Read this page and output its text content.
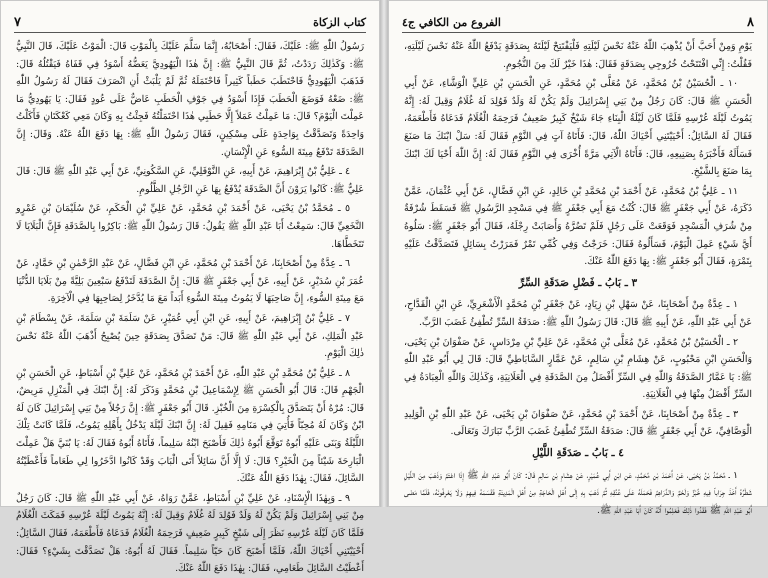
كتاب الزكاة
٧

رَسُولُ اللّٰهِ ﷺ: عَلَيْكَ، فَقَالَ: أَصْحَابُهُ، إِنَّمَا سَلَّمَ عَلَيْكَ بِالْمَوْتِ قَالَ: الْمَوْتُ عَلَيْكَ، قَالَ النَّبِيُّ ﷺ: وَكَذٰلِكَ رَدَدْتُ، ثُمَّ قَالَ النَّبِيُّ ﷺ: إِنَّ هٰذَا الْيَهُودِيَّ يَعَضُّهُ أَسْوَدُ فِي قَفَاهُ فَيَقْتُلُهُ قَالَ: فَذَهَبَ الْيَهُودِيُّ فَاحْتَطَبَ حَطَباً كَثِيراً فَاحْتَمَلَهُ ثُمَّ لَمْ يَلْبَثْ أَنِ انْصَرَفَ فَقَالَ لَهُ رَسُولُ اللّٰهِ ﷺ: ضَعْهُ فَوَضَعَ الْحَطَبَ فَإِذَا أَسْوَدُ فِي جَوْفِ الْحَطَبِ عَاضٌّ عَلَى عُودٍ فَقَالَ: يَا يَهُودِيُّ مَا عَمِلْتَ الْيَوْمَ؟ قَالَ: مَا عَمِلْتُ عَمَلاً إِلَّا حَطَبِي هٰذَا احْتَمَلْتُهُ فَجِئْتُ بِهِ وَكَانَ مَعِي كَعْكَتَانِ فَأَكَلْتُ وَاحِدَةً وَتَصَدَّقْتُ بِوَاحِدَةٍ عَلَى مِسْكِينٍ، فَقَالَ رَسُولُ اللّٰهِ ﷺ: بِهَا دَفَعَ اللّٰهُ عَنْهُ. وَقَالَ: إِنَّ الصَّدَقَةَ تَدْفَعُ مِيتَةَ السُّوءِ عَنِ الْإِنْسَانِ.

٤ ـ عَلِيُّ بْنُ إِبْرَاهِيمَ، عَنْ أَبِيهِ، عَنِ النَّوْفَلِيِّ، عَنِ السَّكُونِيِّ، عَنْ أَبِي عَبْدِ اللّٰهِ ﷺ قَالَ: قَالَ عَلِيٌّ ﷺ: كَانُوا يَرَوْنَ أَنَّ الصَّدَقَةَ يُدْفَعُ بِهَا عَنِ الرَّجُلِ الظَّلُومِ.

٥ ـ مُحَمَّدُ بْنُ يَحْيَى، عَنْ أَحْمَدَ بْنِ مُحَمَّدٍ، عَنْ عَلِيِّ بْنِ الْحَكَمِ، عَنْ سُلَيْمَانَ بْنِ عَمْرٍو النَّخَعِيِّ قَالَ: سَمِعْتُ أَبَا عَبْدِ اللّٰهِ ﷺ يَقُولُ: قَالَ رَسُولُ اللّٰهِ ﷺ: بَاكِرُوا بِالصَّدَقَةِ فَإِنَّ الْبَلَايَا لَا تَتَخَطَّاهَا.

٦ ـ عِدَّةٌ مِنْ أَصْحَابِنَا، عَنْ أَحْمَدَ بْنِ مُحَمَّدٍ، عَنِ ابْنِ فَضَّالٍ، عَنْ عَبْدِ الرَّحْمٰنِ بْنِ حَمَّادٍ، عَنْ عُمَرَ بْنِ سُدَيْرٍ، عَنْ أَبِيهِ، عَنْ أَبِي جَعْفَرٍ ﷺ قَالَ: إِنَّ الصَّدَقَةَ لَتَدْفَعُ سَبْعِينَ بَلِيَّةً مِنْ بَلَايَا الدُّنْيَا مَعَ مِيتَةِ السُّوءِ، إِنَّ صَاحِبَهَا لَا يَمُوتُ مِيتَةَ السُّوءِ أَبَداً مَعَ مَا يُدَّخَرُ لِصَاحِبِهَا فِي الْآخِرَةِ.

٧ ـ عَلِيُّ بْنُ إِبْرَاهِيمَ، عَنْ أَبِيهِ، عَنِ ابْنِ أَبِي عُمَيْرٍ، عَنْ سَلَمَةَ بْنِ سَلَمَةَ، عَنْ بِسْطَامَ بْنِ عَبْدِ الْمَلِكِ، عَنْ أَبِي عَبْدِ اللّٰهِ ﷺ قَالَ: مَنْ تَصَدَّقَ بِصَدَقَةٍ حِينَ يُصْبِحُ أَذْهَبَ اللّٰهُ عَنْهُ نَحْسَ ذٰلِكَ الْيَوْمِ.

٨ ـ عَلِيُّ بْنُ مُحَمَّدِ بْنِ عَبْدِ اللّٰهِ، عَنْ أَحْمَدَ بْنِ مُحَمَّدٍ، عَنْ عَلِيِّ بْنِ أَسْبَاطٍ، عَنِ الْحَسَنِ بْنِ الْجَهْمِ قَالَ: قَالَ أَبُو الْحَسَنِ ﷺ لِإِسْمَاعِيلَ بْنِ مُحَمَّدٍ وَذَكَرَ لَهُ: إِنَّ ابْنَكَ فِي الْمَنْزِلِ مَرِيضٌ، قَالَ: مُرْهُ أَنْ يَتَصَدَّقَ بِالْكِسْرَةِ مِنَ الْخُبْزِ. قَالَ أَبُو جَعْفَرٍ ﷺ: إِنَّ رَجُلاً مِنْ بَنِي إِسْرَائِيلَ كَانَ لَهُ ابْنٌ وَكَانَ لَهُ مُحِبّاً فَأُتِيَ فِي مَنَامِهِ فَقِيلَ لَهُ: إِنَّ ابْنَكَ لَيْلَةَ يَدْخُلُ بِأَهْلِهِ يَمُوتُ، فَلَمَّا كَانَتْ تِلْكَ اللَّيْلَةُ وَبَنَى عَلَيْهِ أَبُوهُ تَوَقَّعَ أَبُوهُ ذٰلِكَ فَأَصْبَحَ ابْنُهُ سَلِيماً، فَأَتَاهُ أَبُوهُ فَقَالَ لَهُ: يَا بُنَيَّ هَلْ عَمِلْتَ الْبَارِحَةَ شَيْئاً مِنَ الْخَيْرِ؟ قَالَ: لَا إِلَّا أَنَّ سَائِلاً أَتَى الْبَابَ وَقَدْ كَانُوا ادَّخَرُوا لِي طَعَاماً فَأَعْطَيْتُهُ السَّائِلَ، فَقَالَ: بِهٰذَا دَفَعَ اللّٰهُ عَنْكَ.

٩ ـ وَبِهٰذَا الْإِسْنَادِ، عَنْ عَلِيِّ بْنِ أَسْبَاطٍ، عَمَّنْ رَوَاهُ، عَنْ أَبِي عَبْدِ اللّٰهِ ﷺ قَالَ: كَانَ رَجُلٌ مِنْ بَنِي إِسْرَائِيلَ وَلَمْ يَكُنْ لَهُ وَلَدٌ فَوُلِدَ لَهُ غُلَامٌ وَقِيلَ لَهُ: إِنَّهُ يَمُوتُ لَيْلَةَ عُرْسِهِ فَمَكَثَ الْغُلَامُ فَلَمَّا كَانَ لَيْلَةَ عُرْسِهِ نَظَرَ إِلَى شَيْخٍ كَبِيرٍ ضَعِيفٍ فَرَحِمَهُ الْغُلَامُ فَدَعَاهُ فَأَطْعَمَهُ، فَقَالَ السَّائِلُ: أَحْيَيْتَنِي أَحْيَاكَ اللّٰهُ، فَلَمَّا أَصْبَحَ كَانَ حَيّاً سَلِيماً. فَقَالَ لَهُ أَبُوهُ: هَلْ تَصَدَّقْتَ بِشَيْءٍ؟ فَقَالَ: أَعْطَيْتُ السَّائِلَ طَعَامِي، فَقَالَ: بِهٰذَا دَفَعَ اللّٰهُ عَنْكَ.

٨
الفروع من الكافي ج٤

يَوْمِ وَمِنْ أَحَبَّ أَنْ يُذْهِبَ اللّٰهُ عَنْهُ نَحْسَ لَيْلَتِهِ فَلْيَفْتَتِحْ لَيْلَتَهُ بِصَدَقَةٍ يَدْفَعُ اللّٰهُ عَنْهُ نَحْسَ لَيْلَتِهِ، فَقُلْتُ: إِنِّي افْتَتَحْتُ خُرُوجِي بِصَدَقَةٍ فَقَالَ: هٰذَا خَيْرٌ لَكَ مِنَ النُّجُومِ.

١٠ ـ الْحُسَيْنُ بْنُ مُحَمَّدٍ، عَنْ مُعَلَّى بْنِ مُحَمَّدٍ، عَنِ الْحَسَنِ بْنِ عَلِيٍّ الْوَشَّاءِ، عَنْ أَبِي الْحَسَنِ ﷺ قَالَ: كَانَ رَجُلٌ مِنْ بَنِي إِسْرَائِيلَ وَلَمْ يَكُنْ لَهُ وَلَدٌ فَوُلِدَ لَهُ غُلَامٌ وَقِيلَ لَهُ: إِنَّهُ يَمُوتُ لَيْلَةَ عُرْسِهِ فَلَمَّا كَانَ لَيْلَةُ الْبِنَاءِ جَاءَ شَيْخٌ كَبِيرٌ ضَعِيفٌ فَرَحِمَهُ الْغُلَامُ فَدَعَاهُ فَأَطْعَمَهُ، فَقَالَ لَهُ السَّائِلُ: أَحْيَيْتَنِي أَحْيَاكَ اللّٰهُ، قَالَ: فَأَتَاهُ آتٍ فِي النَّوْمِ فَقَالَ لَهُ: سَلْ ابْنَكَ مَا صَنَعَ فَسَأَلَهُ فَأَخْبَرَهُ بِصَنِيعِهِ، قَالَ: فَأَتَاهُ الْآتِي مَرَّةً أُخْرَى فِي النَّوْمِ فَقَالَ لَهُ: إِنَّ اللّٰهَ أَحْيَا لَكَ ابْنَكَ بِمَا صَنَعَ بِالشَّيْخِ.

١١ ـ عَلِيُّ بْنُ مُحَمَّدٍ، عَنْ أَحْمَدَ بْنِ مُحَمَّدِ بْنِ خَالِدٍ، عَنِ ابْنِ فَضَّالٍ، عَنْ أَبِي عُثْمَانَ، عَمَّنْ ذَكَرَهُ، عَنْ أَبِي جَعْفَرٍ ﷺ قَالَ: كُنْتُ مَعَ أَبِي جَعْفَرٍ ﷺ فِي مَسْجِدِ الرَّسُولِ ﷺ فَسَقَطَ شُرْفَةٌ مِنْ شُرَفِ الْمَسْجِدِ فَوَقَعَتْ عَلَى رَجُلٍ فَلَمْ تَضُرَّهُ وَأَصَابَتْ رِجْلَهُ، فَقَالَ أَبُو جَعْفَرٍ ﷺ: سَلُوهُ أَيَّ شَيْءٍ عَمِلَ الْيَوْمَ، فَسَأَلُوهُ فَقَالَ: خَرَجْتُ وَفِي كُمِّي تَمْرٌ فَمَرَرْتُ بِسَائِلٍ فَتَصَدَّقْتُ عَلَيْهِ بِتَمْرَةٍ، فَقَالَ أَبُو جَعْفَرٍ ﷺ: بِهَا دَفَعَ اللّٰهُ عَنْكَ.

٣ ـ بَابُ ـ فَضْلِ صَدَقَةِ السِّرِّ

١ ـ عِدَّةٌ مِنْ أَصْحَابِنَا، عَنْ سَهْلِ بْنِ زِيَادٍ، عَنْ جَعْفَرِ بْنِ مُحَمَّدٍ الْأَشْعَرِيِّ، عَنِ ابْنِ الْقَدَّاحِ، عَنْ أَبِي عَبْدِ اللّٰهِ، عَنْ أَبِيهِ ﷺ قَالَ: قَالَ رَسُولُ اللّٰهِ ﷺ: صَدَقَةُ السِّرِّ تُطْفِئُ غَضَبَ الرَّبِّ.

٢ ـ الْحُسَيْنُ بْنُ مُحَمَّدٍ، عَنْ مُعَلَّى بْنِ مُحَمَّدٍ، عَنْ عَلِيِّ بْنِ مِرْدَاسٍ، عَنْ صَفْوَانَ بْنِ يَحْيَى، وَالْحَسَنِ ابْنِ مَحْبُوبٍ، عَنْ هِشَامِ بْنِ سَالِمٍ، عَنْ عَمَّارٍ السَّابَاطِيِّ قَالَ: قَالَ لِي أَبُو عَبْدِ اللّٰهِ ﷺ: يَا عَمَّارُ الصَّدَقَةُ وَاللّٰهِ فِي السِّرِّ أَفْضَلُ مِنَ الصَّدَقَةِ فِي الْعَلَانِيَةِ، وَكَذٰلِكَ وَاللّٰهِ الْعِبَادَةُ فِي السِّرِّ أَفْضَلُ مِنْهَا فِي الْعَلَانِيَةِ.

٣ ـ عِدَّةٌ مِنْ أَصْحَابِنَا، عَنْ أَحْمَدَ بْنِ مُحَمَّدٍ، عَنْ صَفْوَانَ بْنِ يَحْيَى، عَنْ عَبْدِ اللّٰهِ بْنِ الْوَلِيدِ الْوَصَّافِيِّ، عَنْ أَبِي جَعْفَرٍ ﷺ قَالَ: صَدَقَةُ السِّرِّ تُطْفِئُ غَضَبَ الرَّبِّ تَبَارَكَ وَتَعَالَى.

٤ ـ بَابُ ـ صَدَقَةِ اللَّيْلِ

١ ـ مُحَمَّدُ بْنُ يَحْيَى، عَنْ أَحْمَدَ بْنِ مُحَمَّدٍ، عَنِ ابْنِ أَبِي عُمَيْرٍ، عَنْ هِشَامِ بْنِ سَالِمٍ قَالَ: كَانَ أَبُو عَبْدِ اللّٰهِ ﷺ إِذَا اعْتَمَّ وَذَهَبَ مِنَ اللَّيْلِ شَطْرُهُ أَخَذَ جِرَاباً فِيهِ خُبْزٌ وَلَحْمٌ وَالدَّرَاهِمُ فَحَمَلَهُ عَلَى عُنُقِهِ ثُمَّ ذَهَبَ بِهِ إِلَى أَهْلِ الْحَاجَةِ مِنْ أَهْلِ الْمَدِينَةِ فَقَسَمَهُ فِيهِمْ وَلَا يَعْرِفُونَهُ، فَلَمَّا مَضَى أَبُو عَبْدِ اللّٰهِ ﷺ فَقَدُوا ذٰلِكَ فَعَلِمُوا أَنَّهُ كَانَ أَبَا عَبْدِ اللّٰهِ ﷺ.
